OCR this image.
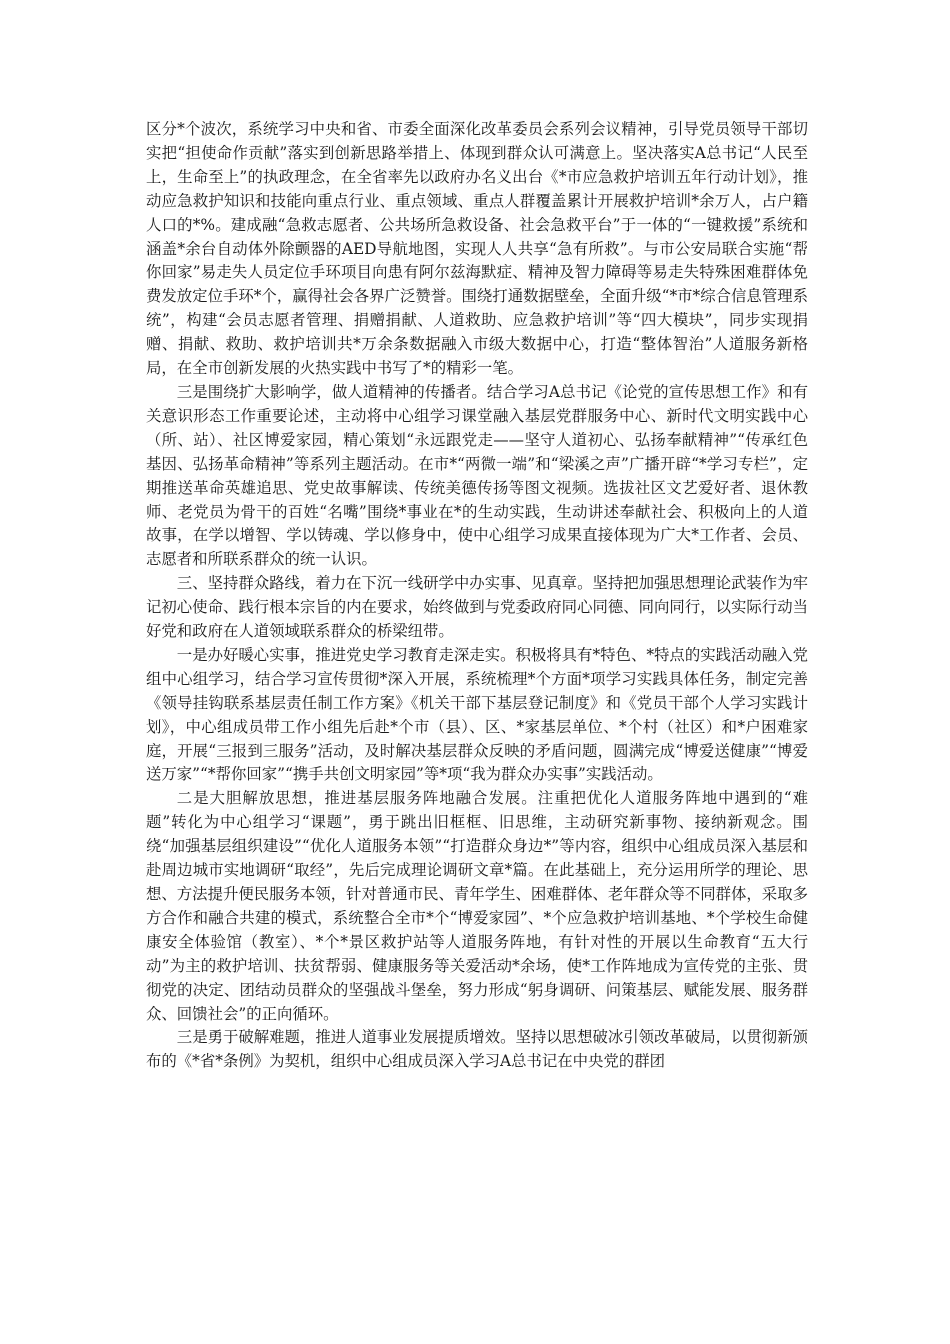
区分*个波次，系统学习中央和省、市委全面深化改革委员会系列会议精神，引导党员领导干部切实把“担使命作贡献”落实到创新思路举措上、体现到群众认可满意上。坚决落实A总书记“人民至上，生命至上”的执政理念，在全省率先以政府办名义出台《*市应急救护培训五年行动计划》，推动应急救护知识和技能向重点行业、重点领域、重点人群覆盖累计开展救护培训*余万人，占户籍人口的*%。建成融“急救志愿者、公共场所急救设备、社会急救平台”于一体的“一键救援”系统和涵盖*余台自动体外除颤器的AED导航地图，实现人人共享“急有所救”。与市公安局联合实施“帮你回家”易走失人员定位手环项目向患有阿尔兹海默症、精神及智力障碍等易走失特殊困难群体免费发放定位手环*个，赢得社会各界广泛赞誉。围绕打通数据壁垒，全面升级“*市*综合信息管理系统”，构建“会员志愿者管理、捐赠捐献、人道救助、应急救护培训”等“四大模块”，同步实现捐赠、捐献、救助、救护培训共*万余条数据融入市级大数据中心，打造“整体智治”人道服务新格局，在全市创新发展的火热实践中书写了*的精彩一笔。

三是围绕扩大影响学，做人道精神的传播者。结合学习A总书记《论党的宣传思想工作》和有关意识形态工作重要论述，主动将中心组学习课堂融入基层党群服务中心、新时代文明实践中心（所、站）、社区博爱家园，精心策划“永远跟党走——坚守人道初心、弘扬奉献精神”“传承红色基因、弘扬革命精神”等系列主题活动。在市*“两微一端”和“梁溪之声”广播开辟“*学习专栏”，定期推送革命英雄追思、党史故事解读、传统美德传扬等图文视频。选拔社区文艺爱好者、退休教师、老党员为骨干的百姓“名嘴”围绕*事业在*的生动实践，生动讲述奉献社会、积极向上的人道故事，在学以增智、学以铸魂、学以修身中，使中心组学习成果直接体现为广大*工作者、会员、志愿者和所联系群众的统一认识。

三、坚持群众路线，着力在下沉一线研学中办实事、见真章。坚持把加强思想理论武装作为牢记初心使命、践行根本宗旨的内在要求，始终做到与党委政府同心同德、同向同行，以实际行动当好党和政府在人道领域联系群众的桥梁纽带。

一是办好暖心实事，推进党史学习教育走深走实。积极将具有*特色、*特点的实践活动融入党组中心组学习，结合学习宣传贯彻*深入开展，系统梳理*个方面*项学习实践具体任务，制定完善《领导挂钩联系基层责任制工作方案》《机关干部下基层登记制度》和《党员干部个人学习实践计划》，中心组成员带工作小组先后赴*个市（县）、区、*家基层单位、*个村（社区）和*户困难家庭，开展“三报到三服务”活动，及时解决基层群众反映的矛盾问题，圆满完成“博爱送健康”“博爱送万家”“*帮你回家”“携手共创文明家园”等*项“我为群众办实事”实践活动。

二是大胆解放思想，推进基层服务阵地融合发展。注重把优化人道服务阵地中遇到的“难题”转化为中心组学习“课题”，勇于跳出旧框框、旧思维，主动研究新事物、接纳新观念。围绕“加强基层组织建设”“优化人道服务本领”“打造群众身边*”等内容，组织中心组成员深入基层和赴周边城市实地调研“取经”，先后完成理论调研文章*篇。在此基础上，充分运用所学的理论、思想、方法提升便民服务本领，针对普通市民、青年学生、困难群体、老年群众等不同群体，采取多方合作和融合共建的模式，系统整合全市*个“博爱家园”、*个应急救护培训基地、*个学校生命健康安全体验馆（教室）、*个*景区救护站等人道服务阵地，有针对性的开展以生命教育“五大行动”为主的救护培训、扶贫帮弱、健康服务等关爱活动*余场，使*工作阵地成为宣传党的主张、贯彻党的决定、团结动员群众的坚强战斗堡垒，努力形成“躬身调研、问策基层、赋能发展、服务群众、回馈社会”的正向循环。

三是勇于破解难题，推进人道事业发展提质增效。坚持以思想破冰引领改革破局，以贯彻新颁布的《*省*条例》为契机，组织中心组成员深入学习A总书记在中央党的群团
